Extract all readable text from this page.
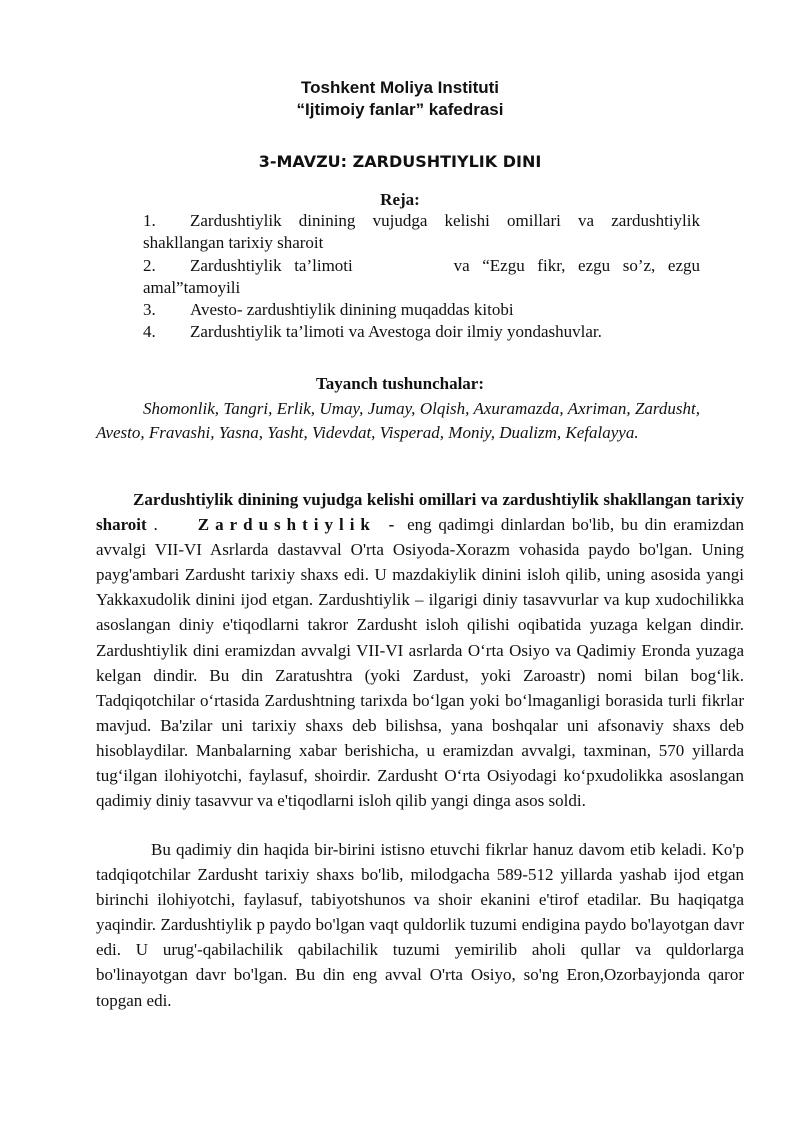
Toshkent Moliya Instituti
“Ijtimoiy fanlar” kafedrasi
3-MAVZU: ZARDUSHTIYLIK DINI
Reja:
1.	Zardushtiylik dinining vujudga kelishi omillari va zardushtiylik
shakllangan tarixiy sharoit
2.	Zardushtiylik ta’limoti        va “Ezgu fikr, ezgu so’z, ezgu
amal”tamoyili
3.	Avesto- zardushtiylik dinining muqaddas kitobi
4.	Zardushtiylik ta’limoti va Avestoga doir ilmiy yondashuvlar.
Tayanch tushunchalar:
Shomonlik, Tangri, Erlik, Umay, Jumay, Olqish, Axuramazda, Axriman, Zardusht, Avesto, Fravashi, Yasna, Yasht, Videvdat, Visperad, Moniy, Dualizm, Kefalayya.
Zardushtiylik dinining vujudga kelishi omillari va zardushtiylik shakllangan tarixiy sharoit . Zardushtiylik - eng qadimgi dinlardan bo'lib, bu din eramizdan avvalgi VII-VI Asrlarda dastavval O'rta Osiyoda-Xorazm vohasida paydo bo'lgan. Uning payg'ambari Zardusht tarixiy shaxs edi. U mazdakiylik dinini isloh qilib, uning asosida yangi Yakkaxudolik dinini ijod etgan. Zardushtiylik – ilgarigi diniy tasavvurlar va kup xudochilikka asoslangan diniy e'tiqodlarni takror Zardusht isloh qilishi oqibatida yuzaga kelgan dindir. Zardushtiylik dini eramizdan avvalgi VII-VI asrlarda O‘rta Osiyo va Qadimiy Eronda yuzaga kelgan dindir. Bu din Zaratushtra (yoki Zardust, yoki Zaroastr) nomi bilan bog‘lik. Tadqiqotchilar o‘rtasida Zardushtning tarixda bo‘lgan yoki bo‘lmaganligi borasida turli fikrlar mavjud. Ba'zilar uni tarixiy shaxs deb bilishsa, yana boshqalar uni afsonaviy shaxs deb hisoblaydilar. Manbalarning xabar berishicha, u eramizdan avvalgi, taxminan, 570 yillarda tug‘ilgan ilohiyotchi, faylasuf, shoirdir. Zardusht O‘rta Osiyodagi ko‘pxudolikka asoslangan qadimiy diniy tasavvur va e'tiqodlarni isloh qilib yangi dinga asos soldi.
Bu qadimiy din haqida bir-birini istisno etuvchi fikrlar hanuz davom etib keladi. Ko'p tadqiqotchilar Zardusht tarixiy shaxs bo'lib, milodgacha 589-512 yillarda yashab ijod etgan birinchi ilohiyotchi, faylasuf, tabiyotshunos va shoir ekanini e'tirof etadilar. Bu haqiqatga yaqindir. Zardushtiylik p paydo bo'lgan vaqt quldorlik tuzumi endigina paydo bo'layotgan davr edi. U urug'-qabilachilik qabilachilik tuzumi yemirilib aholi qullar va quldorlarga bo'linayotgan davr bo'lgan. Bu din eng avval O'rta Osiyo, so'ng Eron,Ozorbayjonda qaror topgan edi.
